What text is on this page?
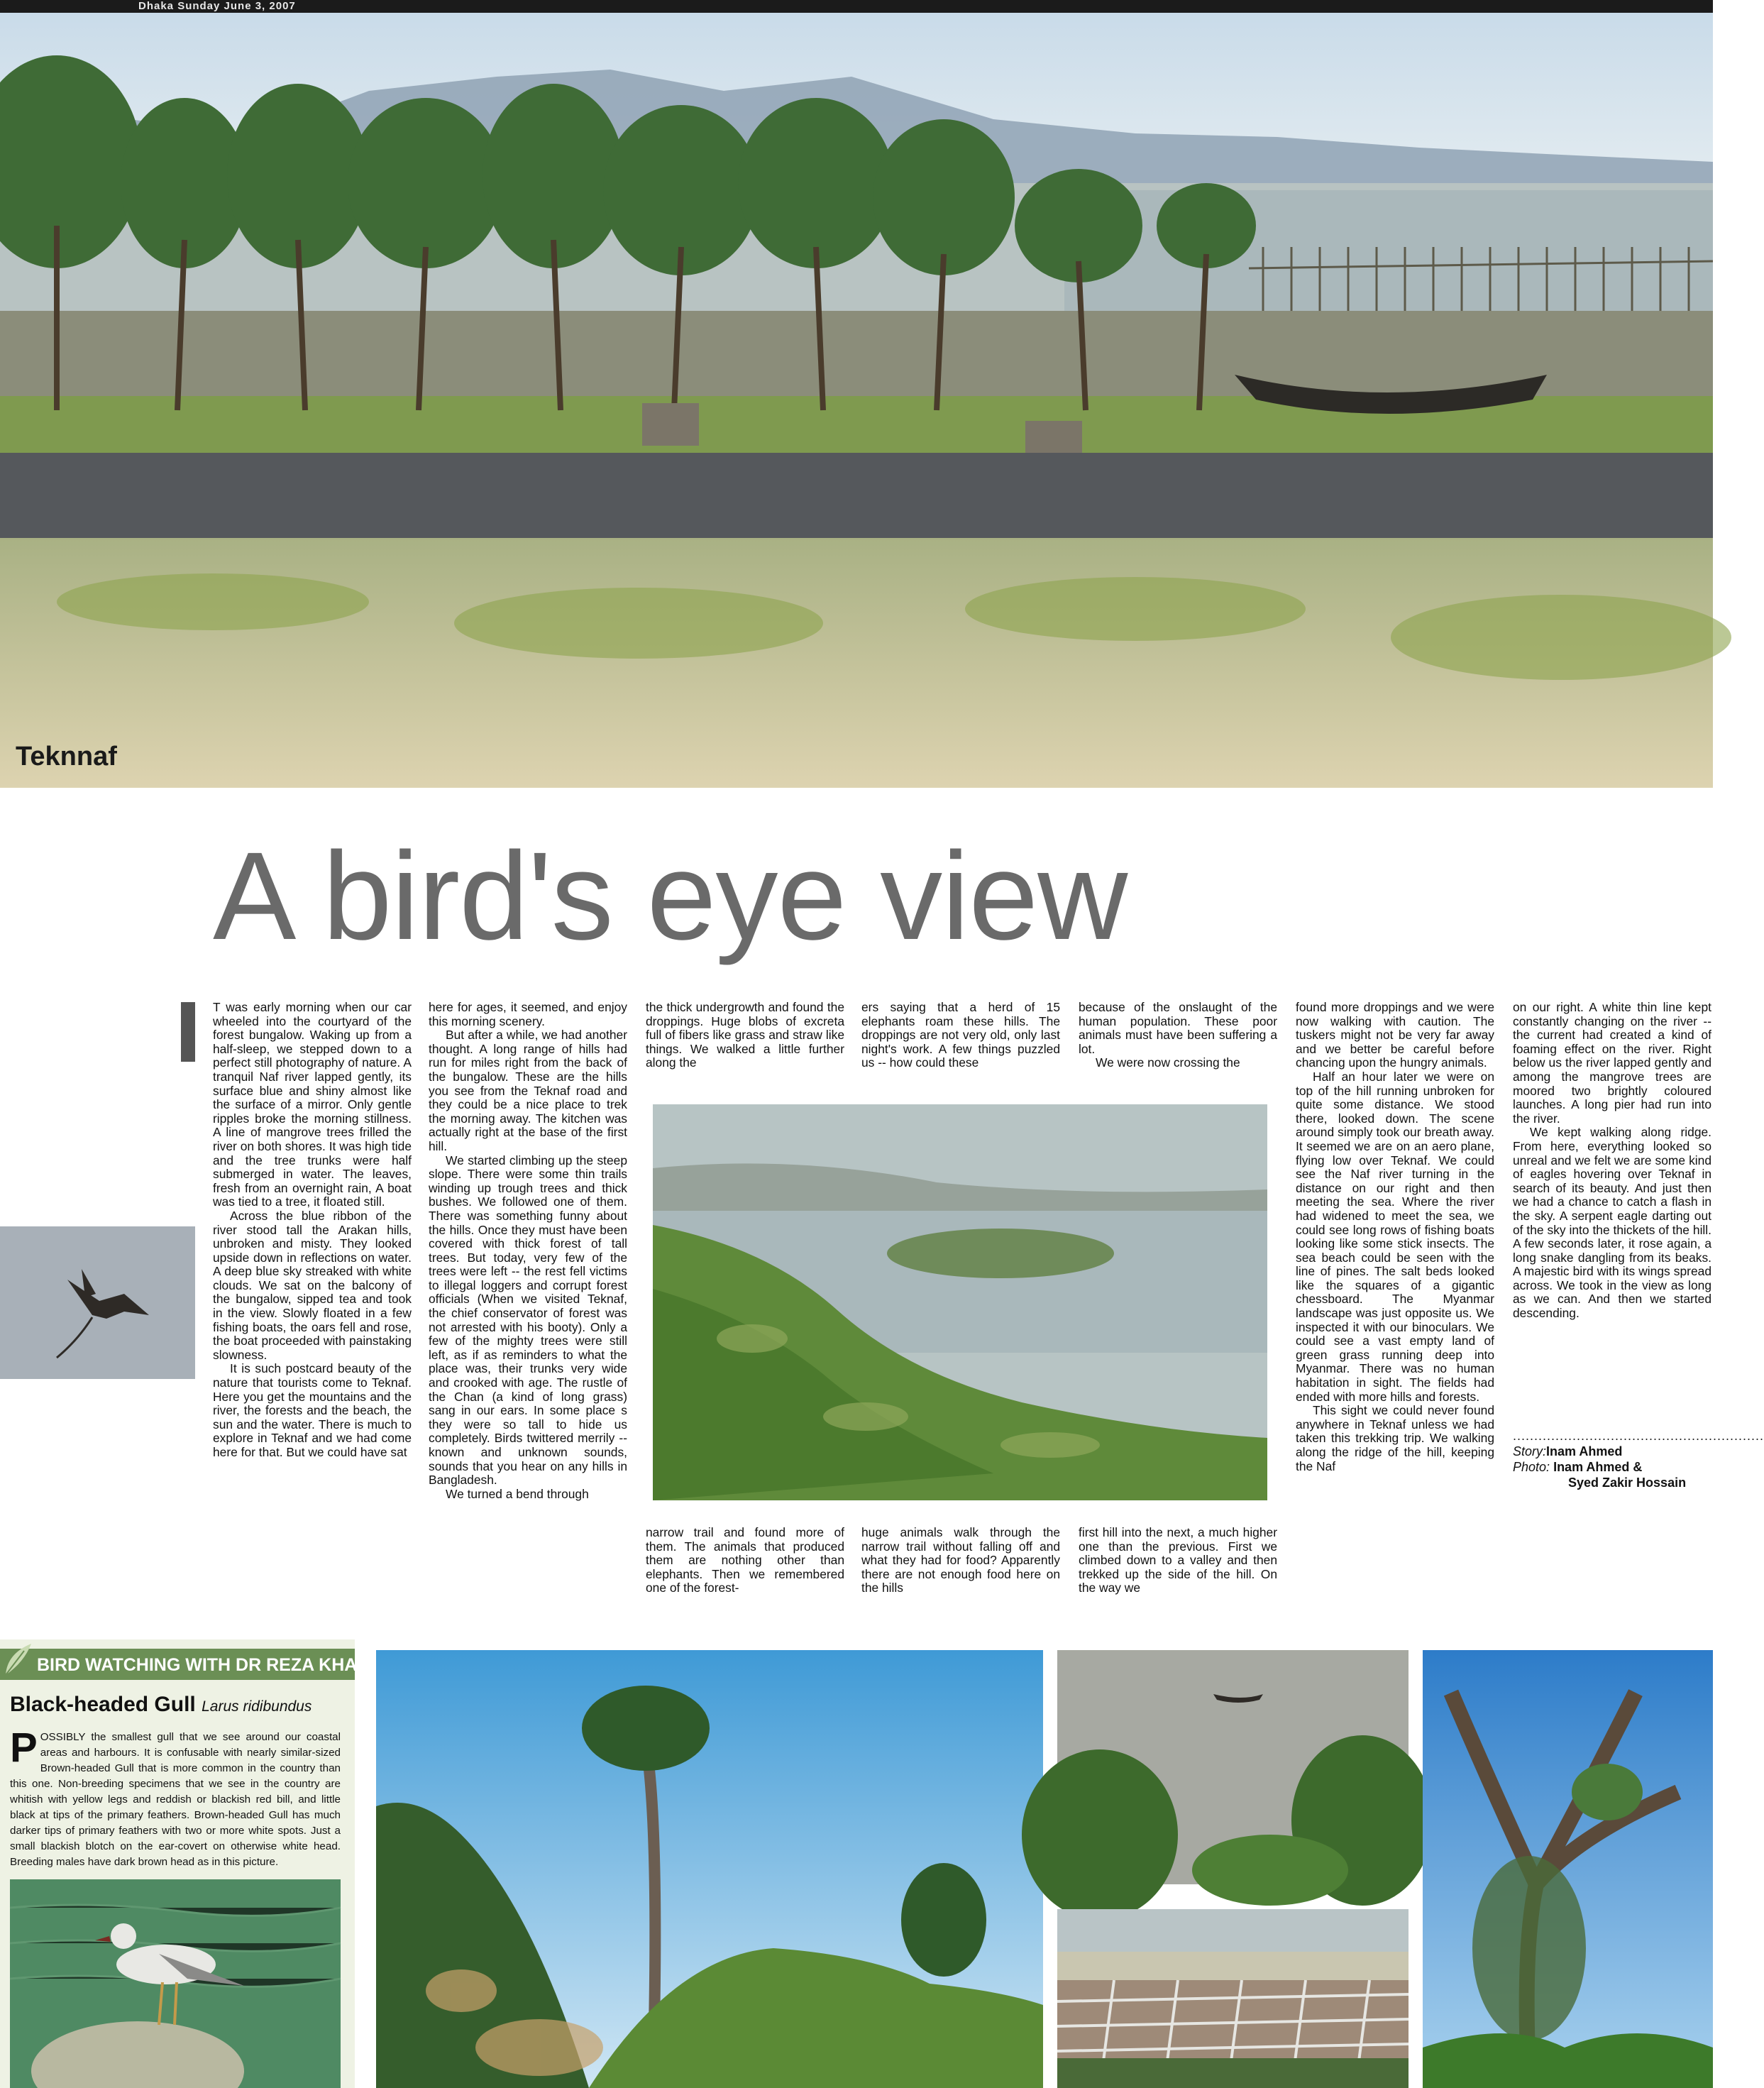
Dhaka Sunday June 3, 2007
Teknnaf
A bird's eye view

T was early morning when our car wheeled into the courtyard of the forest bungalow. Waking up from a half-sleep, we stepped down to a perfect still photography of nature. A tranquil Naf river lapped gently, its surface blue and shiny almost like the surface of a mirror. Only gentle ripples broke the morning stillness. A line of mangrove trees frilled the river on both shores. It was high tide and the tree trunks were half submerged in water. The leaves, fresh from an overnight rain, A boat was tied to a tree, it floated still.

Across the blue ribbon of the river stood tall the Arakan hills, unbroken and misty. They looked upside down in reflections on water. A deep blue sky streaked with white clouds. We sat on the balcony of the bungalow, sipped tea and took in the view. Slowly floated in a few fishing boats, the oars fell and rose, the boat proceeded with painstaking slowness.

It is such postcard beauty of the nature that tourists come to Teknaf. Here you get the mountains and the river, the forests and the beach, the sun and the water. There is much to explore in Teknaf and we had come here for that. But we could have sat

here for ages, it seemed, and enjoy this morning scenery.

But after a while, we had another thought. A long range of hills had run for miles right from the back of the bungalow. These are the hills you see from the Teknaf road and they could be a nice place to trek the morning away. The kitchen was actually right at the base of the first hill.

We started climbing up the steep slope. There were some thin trails winding up trough trees and thick bushes. We followed one of them. There was something funny about the hills. Once they must have been covered with thick forest of tall trees. But today, very few of the trees were left -- the rest fell victims to illegal loggers and corrupt forest officials (When we visited Teknaf, the chief conservator of forest was not arrested with his booty). Only a few of the mighty trees were still left, as if as reminders to what the place was, their trunks very wide and crooked with age. The rustle of the Chan (a kind of long grass) sang in our ears. In some place s they were so tall to hide us completely. Birds twittered merrily -- known and unknown sounds, sounds that you hear on any hills in Bangladesh.

We turned a bend through

the thick undergrowth and found the droppings. Huge blobs of excreta full of fibers like grass and straw like things. We walked a little further along the

ers saying that a herd of 15 elephants roam these hills. The droppings are not very old, only last night's work. A few things puzzled us -- how could these

because of the onslaught of the human population. These poor animals must have been suffering a lot.

We were now crossing the

found more droppings and we were now walking with caution. The tuskers might not be very far away and we better be careful before chancing upon the hungry animals.

Half an hour later we were on top of the hill running unbroken for quite some distance. We stood there, looked down. The scene around simply took our breath away. It seemed we are on an aero plane, flying low over Teknaf. We could see the Naf river turning in the distance on our right and then meeting the sea. Where the river had widened to meet the sea, we could see long rows of fishing boats looking like some stick insects. The sea beach could be seen with the line of pines. The salt beds looked like the squares of a gigantic chessboard. The Myanmar landscape was just opposite us. We inspected it with our binoculars. We could see a vast empty land of green grass running deep into Myanmar. There was no human habitation in sight. The fields had ended with more hills and forests.

This sight we could never found anywhere in Teknaf unless we had taken this trekking trip. We walking along the ridge of the hill, keeping the Naf

on our right. A white thin line kept constantly changing on the river -- the current had created a kind of foaming effect on the river. Right below us the river lapped gently and among the mangrove trees are moored two brightly coloured launches. A long pier had run into the river.

We kept walking along ridge. From here, everything looked so unreal and we felt we are some kind of eagles hovering over Teknaf in search of its beauty. And just then we had a chance to catch a flash in the sky. A serpent eagle darting out of the sky into the thickets of the hill. A few seconds later, it rose again, a long snake dangling from its beaks. A majestic bird with its wings spread across. We took in the view as long as we can. And then we started descending.

narrow trail and found more of them. The animals that produced them are nothing other than elephants. Then we remembered one of the forest-

huge animals walk through the narrow trail without falling off and what they had for food? Apparently there are not enough food here on the hills

first hill into the next, a much higher one than the previous. First we climbed down to a valley and then trekked up the side of the hill. On the way we

...........................................................
Story:Inam Ahmed
Photo: Inam Ahmed &
Syed Zakir Hossain
BIRD WATCHING WITH DR REZA KHAN
Black-headed Gull Larus ridibundus
POSSIBLY the smallest gull that we see around our coastal areas and harbours. It is confusable with nearly similar-sized Brown-headed Gull that is more common in the country than this one. Non-breeding specimens that we see in the country are whitish with yellow legs and reddish or blackish red bill, and little black at tips of the primary feathers. Brown-headed Gull has much darker tips of primary feathers with two or more white spots. Just a small blackish blotch on the ear-covert on otherwise white head. Breeding males have dark brown head as in this picture.
